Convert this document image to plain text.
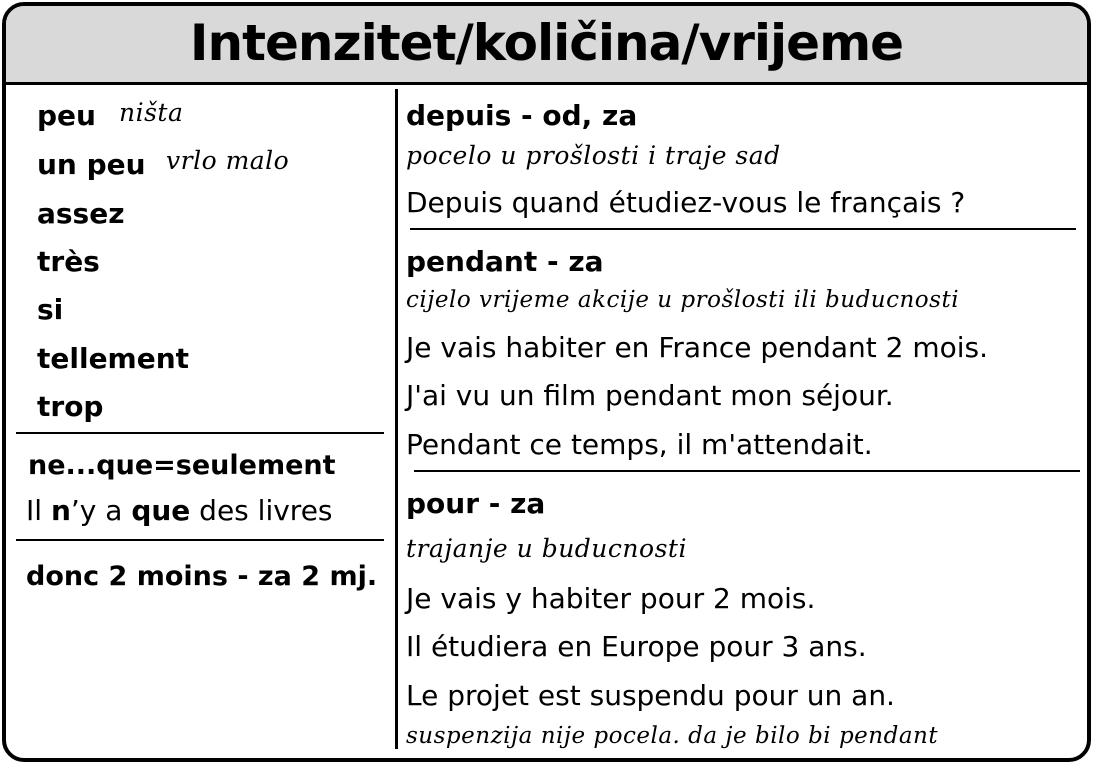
Intenzitet/količina/vrijeme
peu ništa
un peu vrlo malo
assez
très
si
tellement
trop
ne...que=seulement
Il n’y a que des livres
donc 2 moins - za 2 mj.
depuis - od, za
pocelo u prošlosti i traje sad
Depuis quand étudiez-vous le français ?
pendant - za
cijelo vrijeme akcije u prošlosti ili buducnosti
Je vais habiter en France pendant 2 mois.
J'ai vu un film pendant mon séjour.
Pendant ce temps, il m'attendait.
pour - za
trajanje u buducnosti
Je vais y habiter pour 2 mois.
Il étudiera en Europe pour 3 ans.
Le projet est suspendu pour un an.
suspenzija nije pocela. da je bilo bi pendant
